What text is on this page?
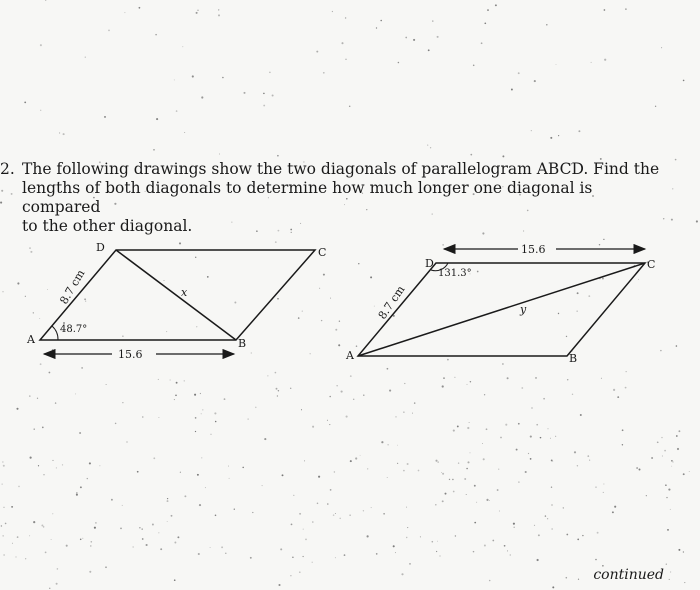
2. The following drawings show the two diagonals of parallelogram ABCD. Find the
lengths of both diagonals to determine how much longer one diagonal is compared
to the other diagonal.
A	B
C
D
8.7 cm
48.7°
15.6
x
A	B
C
D
8.7 cm
131.3°
15.6
y
continued
